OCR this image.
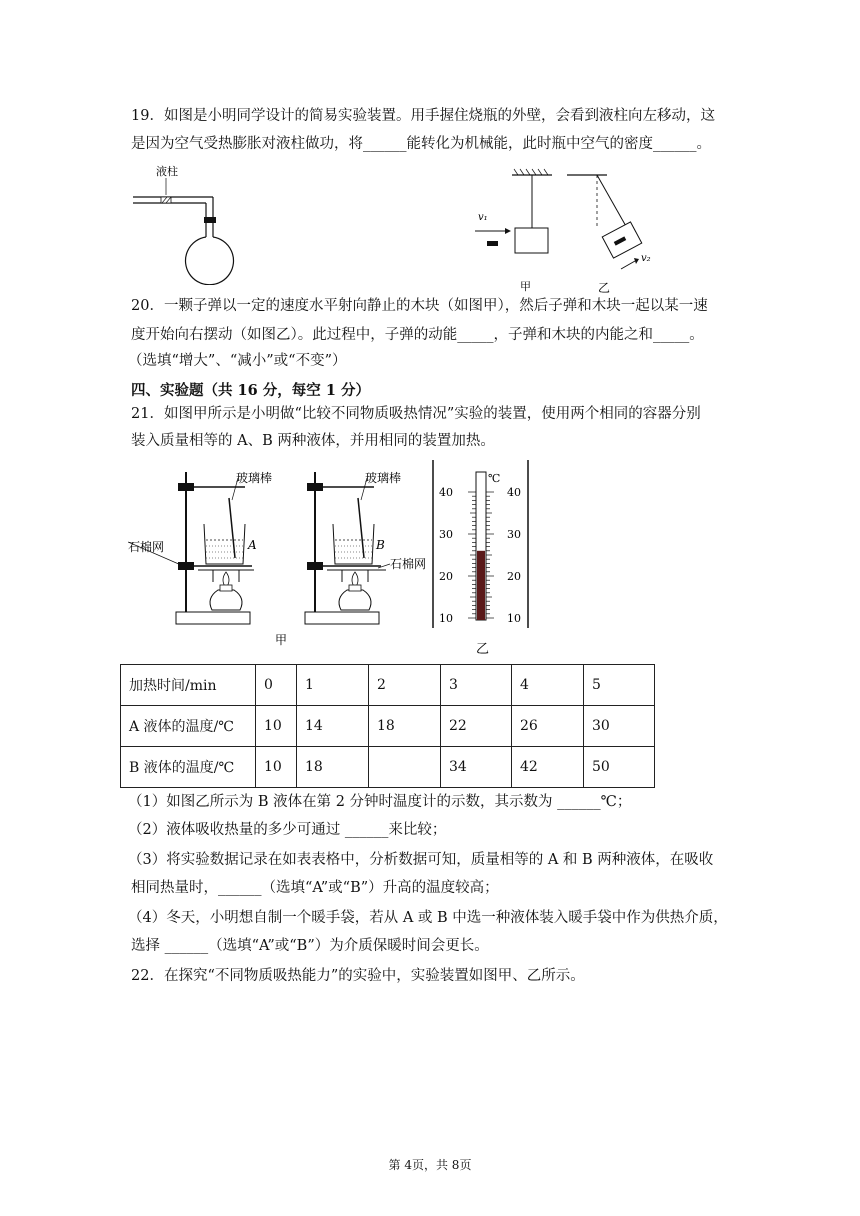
19．如图是小明同学设计的简易实验装置。用手握住烧瓶的外壁，会看到液柱向左移动，这
是因为空气受热膨胀对液柱做功，将______能转化为机械能，此时瓶中空气的密度______。
液柱
v₁
v₂
甲	乙
20．一颗子弹以一定的速度水平射向静止的木块（如图甲），然后子弹和木块一起以某一速
度开始向右摆动（如图乙）。此过程中，子弹的动能_____，子弹和木块的内能之和_____。
（选填“增大”、“减小”或“不变”）
四、实验题（共 16 分，每空 1 分）
21．如图甲所示是小明做“比较不同物质吸热情况”实验的装置，使用两个相同的容器分别
装入质量相等的 A、B 两种液体，并用相同的装置加热。
玻璃棒
石棉网	A
玻璃棒
石棉网
B
甲
℃
40	40
30	30
20	20
10	10
乙
加热时间/min	0	1	2	3	4	5
A 液体的温度/℃	10	14	18	22	26	30
B 液体的温度/℃	10	18		34	42	50
（1）如图乙所示为 B 液体在第 2 分钟时温度计的示数，其示数为 ______℃；
（2）液体吸收热量的多少可通过 ______来比较；
（3）将实验数据记录在如表表格中，分析数据可知，质量相等的 A 和 B 两种液体，在吸收
相同热量时，______（选填“A”或“B”）升高的温度较高；
（4）冬天，小明想自制一个暖手袋，若从 A 或 B 中选一种液体装入暖手袋中作为供热介质，
选择 ______（选填“A”或“B”）为介质保暖时间会更长。
22．在探究“不同物质吸热能力”的实验中，实验装置如图甲、乙所示。
第 4页，共 8页
